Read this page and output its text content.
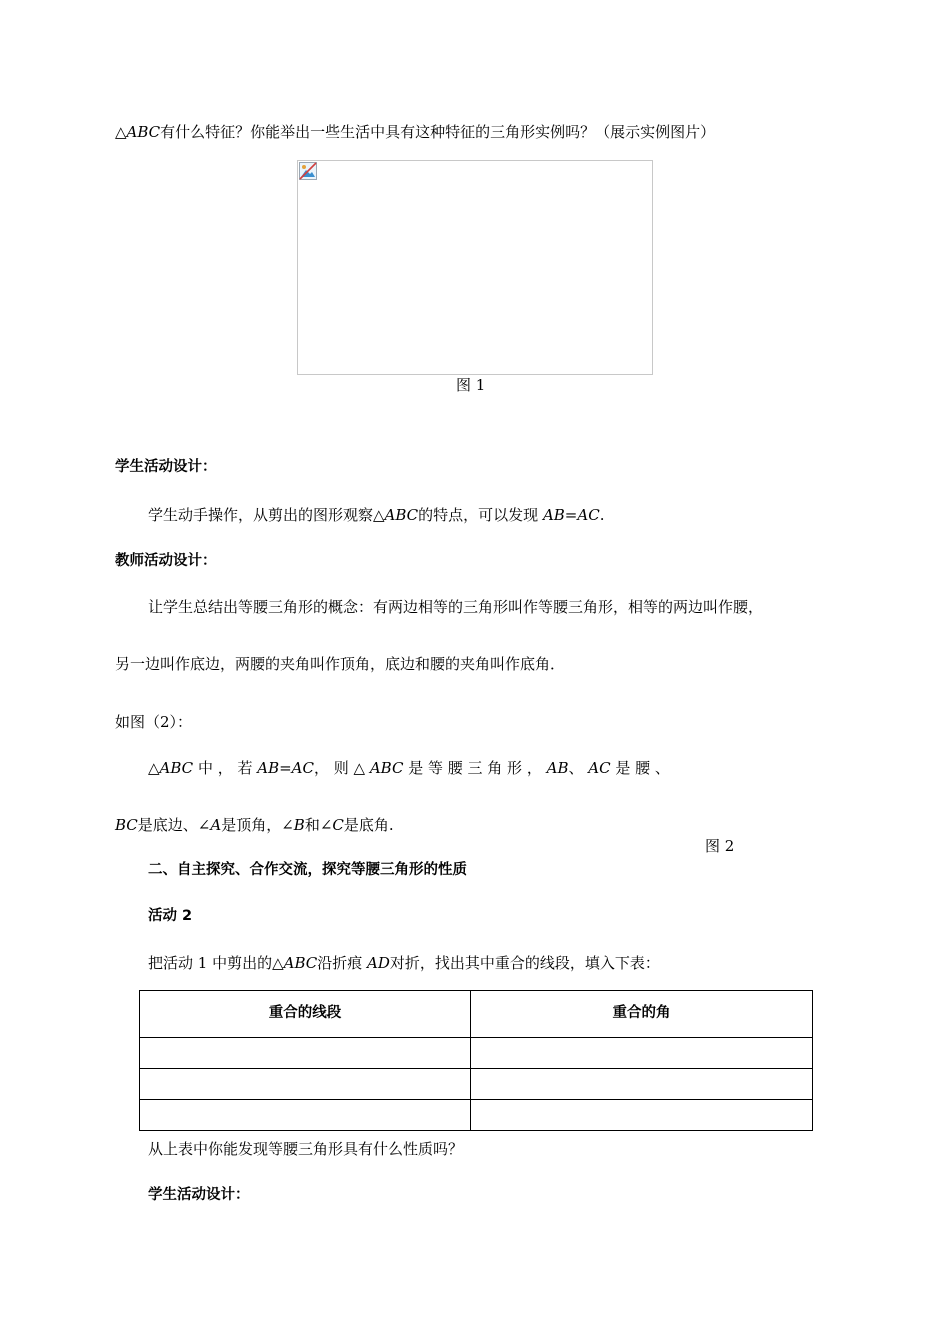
△ABC有什么特征？你能举出一些生活中具有这种特征的三角形实例吗？（展示实例图片）
图 1
学生活动设计：
学生动手操作，从剪出的图形观察△ABC的特点，可以发现 AB=AC.
教师活动设计：
让学生总结出等腰三角形的概念：有两边相等的三角形叫作等腰三角形，相等的两边叫作腰，
另一边叫作底边，两腰的夹角叫作顶角，底边和腰的夹角叫作底角．
如图（2）：
△ABC 中 ， 若 AB=AC， 则 △ ABC 是 等 腰 三 角 形 ， AB、 AC 是 腰 、
BC是底边、∠A是顶角，∠B和∠C是底角.
图 2
二、自主探究、合作交流，探究等腰三角形的性质
活动 2
把活动 1 中剪出的△ABC沿折痕 AD对折，找出其中重合的线段，填入下表：
重合的线段	重合的角

从上表中你能发现等腰三角形具有什么性质吗？
学生活动设计：
